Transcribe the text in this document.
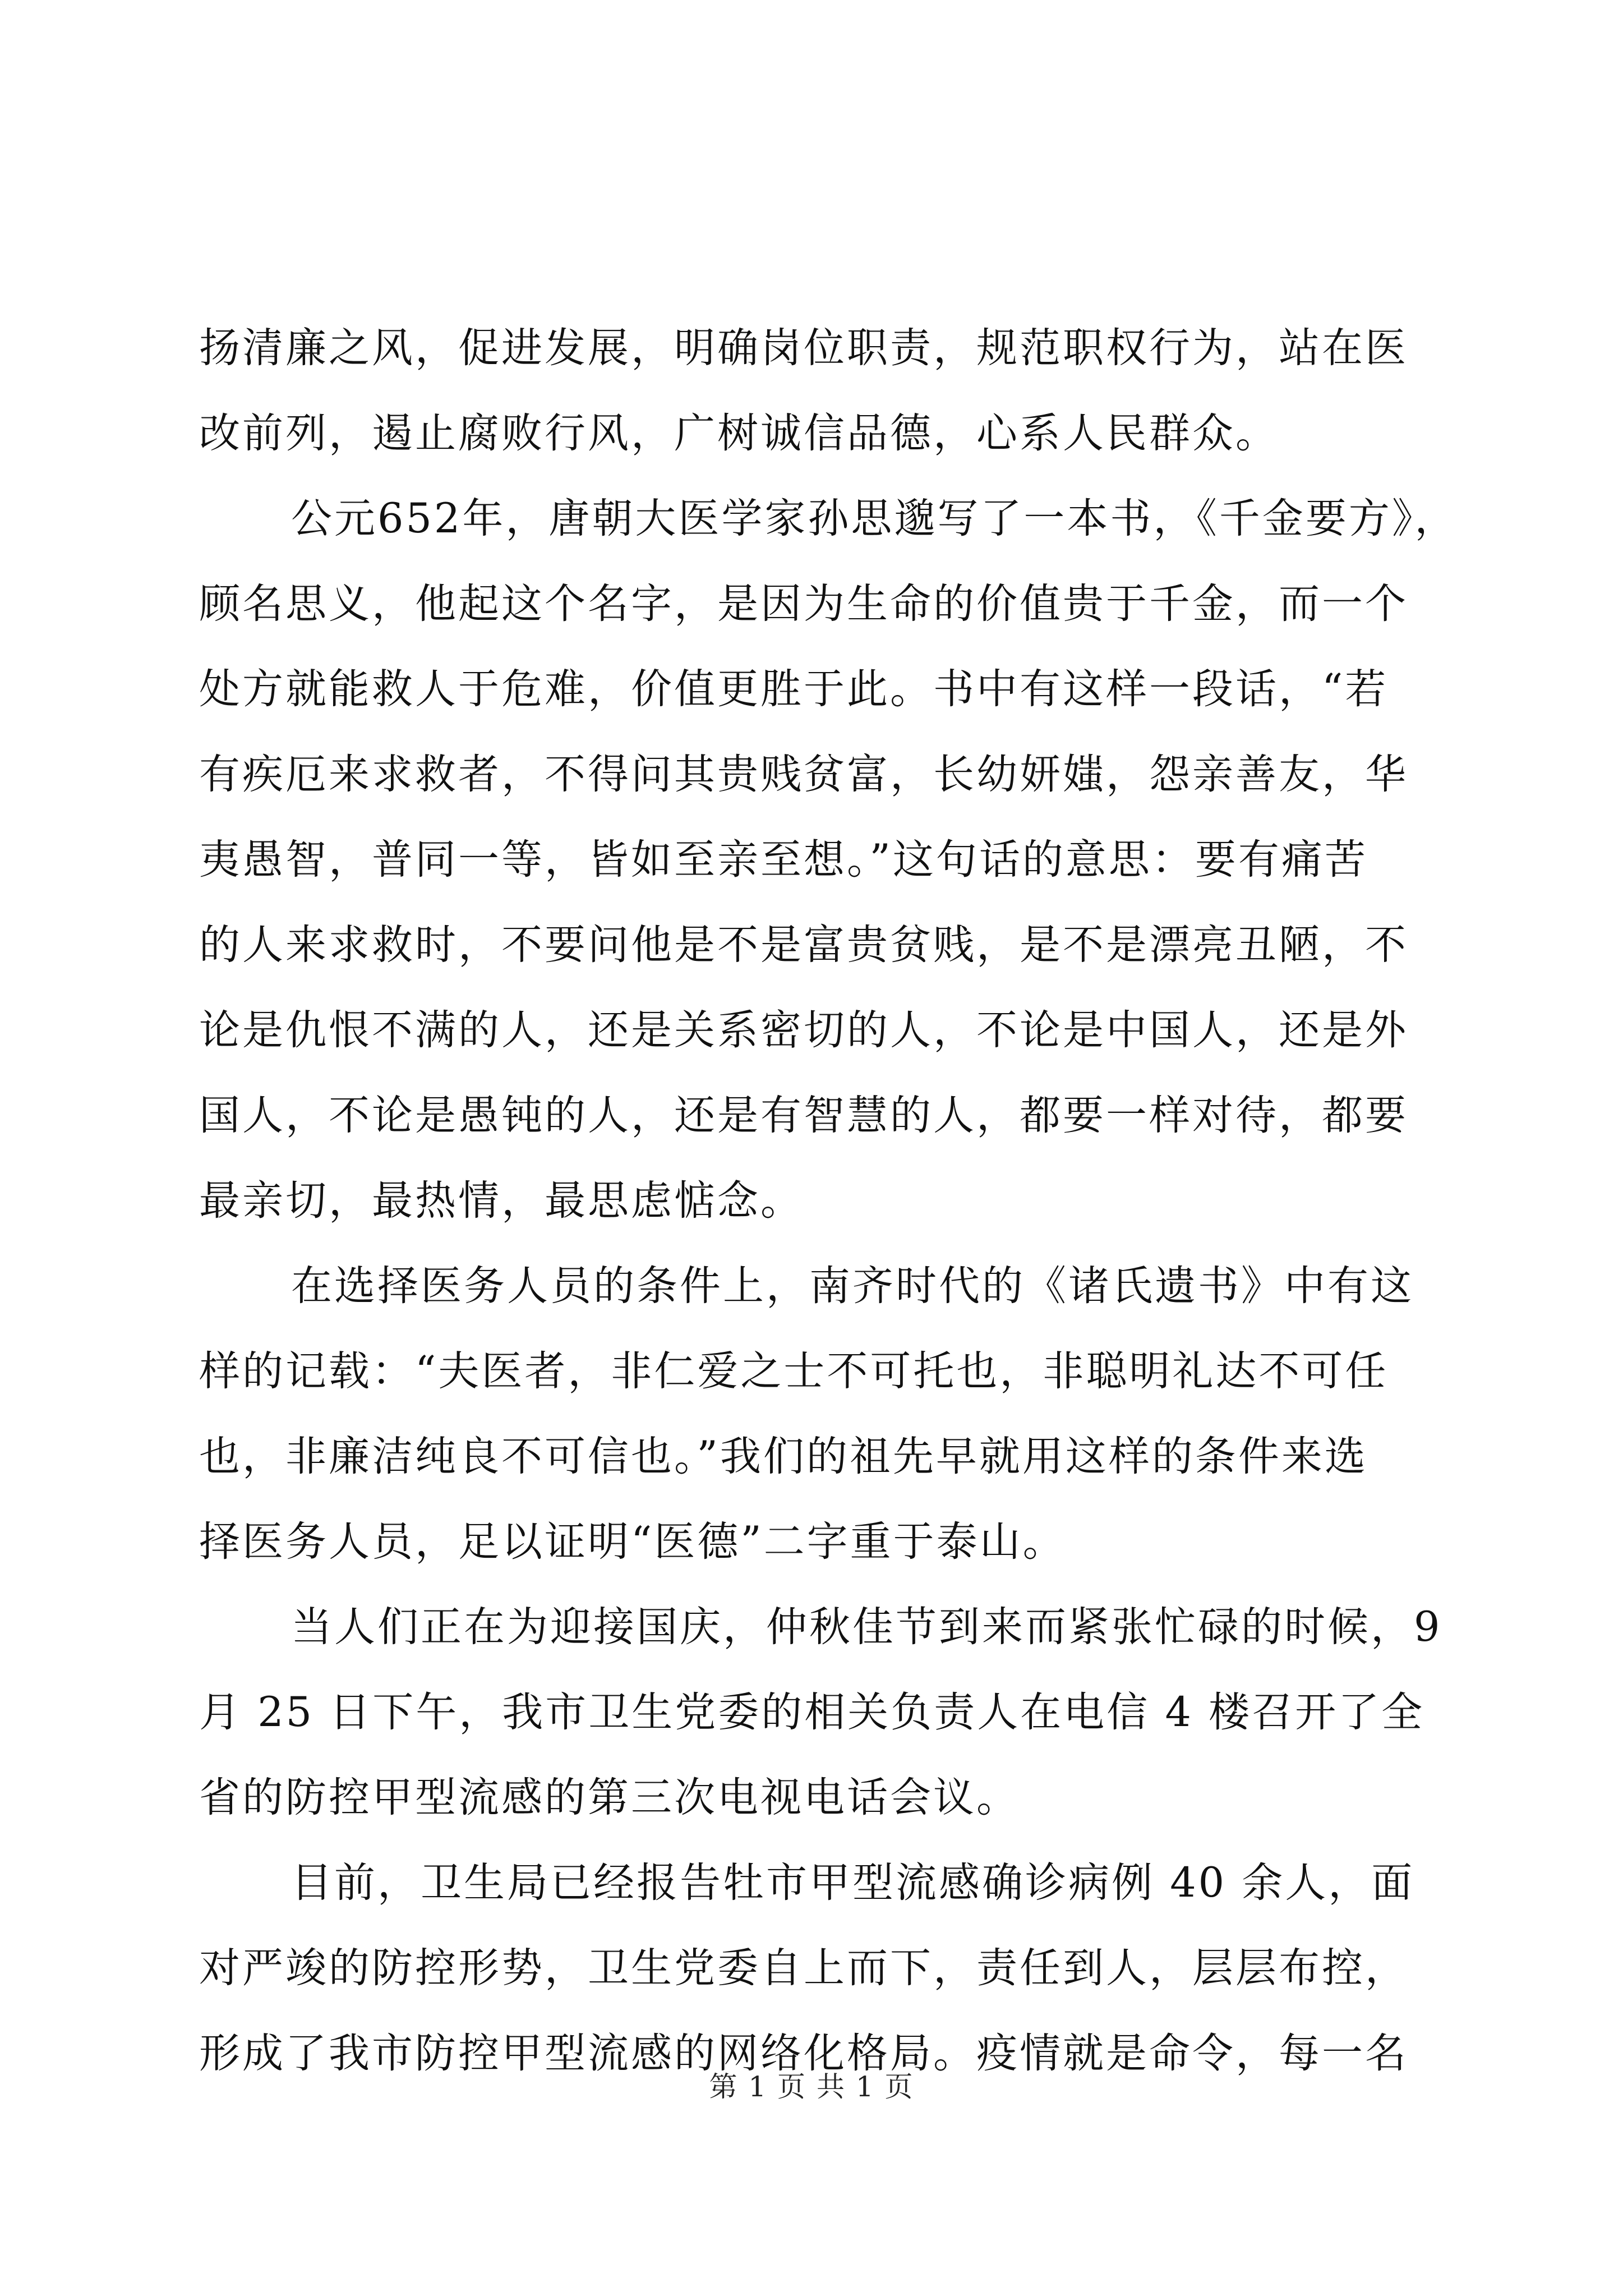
扬清廉之风，促进发展，明确岗位职责，规范职权行为，站在医
改前列，遏止腐败行风，广树诚信品德，心系人民群众。
公元652年，唐朝大医学家孙思邈写了一本书，《千金要方》，
顾名思义，他起这个名字，是因为生命的价值贵于千金，而一个
处方就能救人于危难，价值更胜于此。书中有这样一段话，“若
有疾厄来求救者，不得问其贵贱贫富，长幼妍媸，怨亲善友，华
夷愚智，普同一等，皆如至亲至想。”这句话的意思：要有痛苦
的人来求救时，不要问他是不是富贵贫贱，是不是漂亮丑陋，不
论是仇恨不满的人，还是关系密切的人，不论是中国人，还是外
国人，不论是愚钝的人，还是有智慧的人，都要一样对待，都要
最亲切，最热情，最思虑惦念。
在选择医务人员的条件上，南齐时代的《诸氏遗书》中有这
样的记载：“夫医者，非仁爱之士不可托也，非聪明礼达不可任
也，非廉洁纯良不可信也。”我们的祖先早就用这样的条件来选
择医务人员，足以证明“医德”二字重于泰山。
当人们正在为迎接国庆，仲秋佳节到来而紧张忙碌的时候，9
月 25 日下午，我市卫生党委的相关负责人在电信 4 楼召开了全
省的防控甲型流感的第三次电视电话会议。
目前，卫生局已经报告牡市甲型流感确诊病例 40 余人，面
对严竣的防控形势，卫生党委自上而下，责任到人，层层布控，
形成了我市防控甲型流感的网络化格局。疫情就是命令，每一名
第 1 页 共 1 页
